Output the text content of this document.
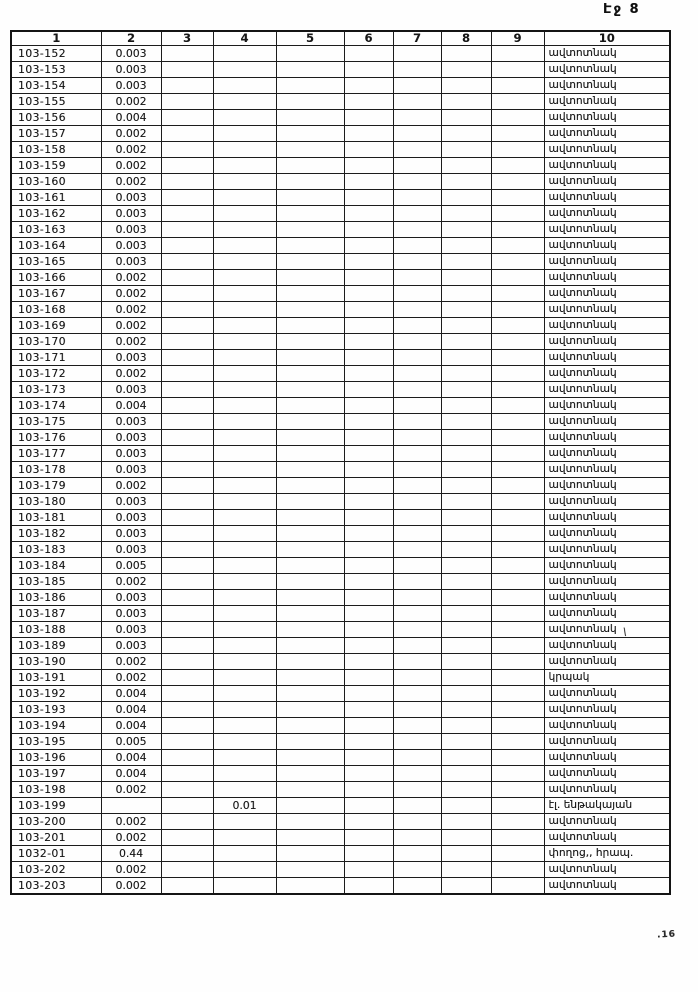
Էջ 8
1	2	3	4	5	6	7	8	9	10
103-152	0.003								ավտոտնակ
103-153	0.003								ավտոտնակ
103-154	0.003								ավտոտնակ
103-155	0.002								ավտոտնակ
103-156	0.004								ավտոտնակ
103-157	0.002								ավտոտնակ
103-158	0.002								ավտոտնակ
103-159	0.002								ավտոտնակ
103-160	0.002								ավտոտնակ
103-161	0.003								ավտոտնակ
103-162	0.003								ավտոտնակ
103-163	0.003								ավտոտնակ
103-164	0.003								ավտոտնակ
103-165	0.003								ավտոտնակ
103-166	0.002								ավտոտնակ
103-167	0.002								ավտոտնակ
103-168	0.002								ավտոտնակ
103-169	0.002								ավտոտնակ
103-170	0.002								ավտոտնակ
103-171	0.003								ավտոտնակ
103-172	0.002								ավտոտնակ
103-173	0.003								ավտոտնակ
103-174	0.004								ավտոտնակ
103-175	0.003								ավտոտնակ
103-176	0.003								ավտոտնակ
103-177	0.003								ավտոտնակ
103-178	0.003								ավտոտնակ
103-179	0.002								ավտոտնակ
103-180	0.003								ավտոտնակ
103-181	0.003								ավտոտնակ
103-182	0.003								ավտոտնակ
103-183	0.003								ավտոտնակ
103-184	0.005								ավտոտնակ
103-185	0.002								ավտոտնակ
103-186	0.003								ավտոտնակ
103-187	0.003								ավտոտնակ
103-188	0.003								ավտոտնակ
103-189	0.003								ավտոտնակ
103-190	0.002								ավտոտնակ
103-191	0.002								կրպակ
103-192	0.004								ավտոտնակ
103-193	0.004								ավտոտնակ
103-194	0.004								ավտոտնակ
103-195	0.005								ավտոտնակ
103-196	0.004								ավտոտնակ
103-197	0.004								ավտոտնակ
103-198	0.002								ավտոտնակ
103-199			0.01						էլ. ենթակայան
103-200	0.002								ավտոտնակ
103-201	0.002								ավտոտնակ
1032-01	0.44								փողոց,, հրապ.
103-202	0.002								ավտոտնակ
103-203	0.002								ավտոտնակ
.16
\
